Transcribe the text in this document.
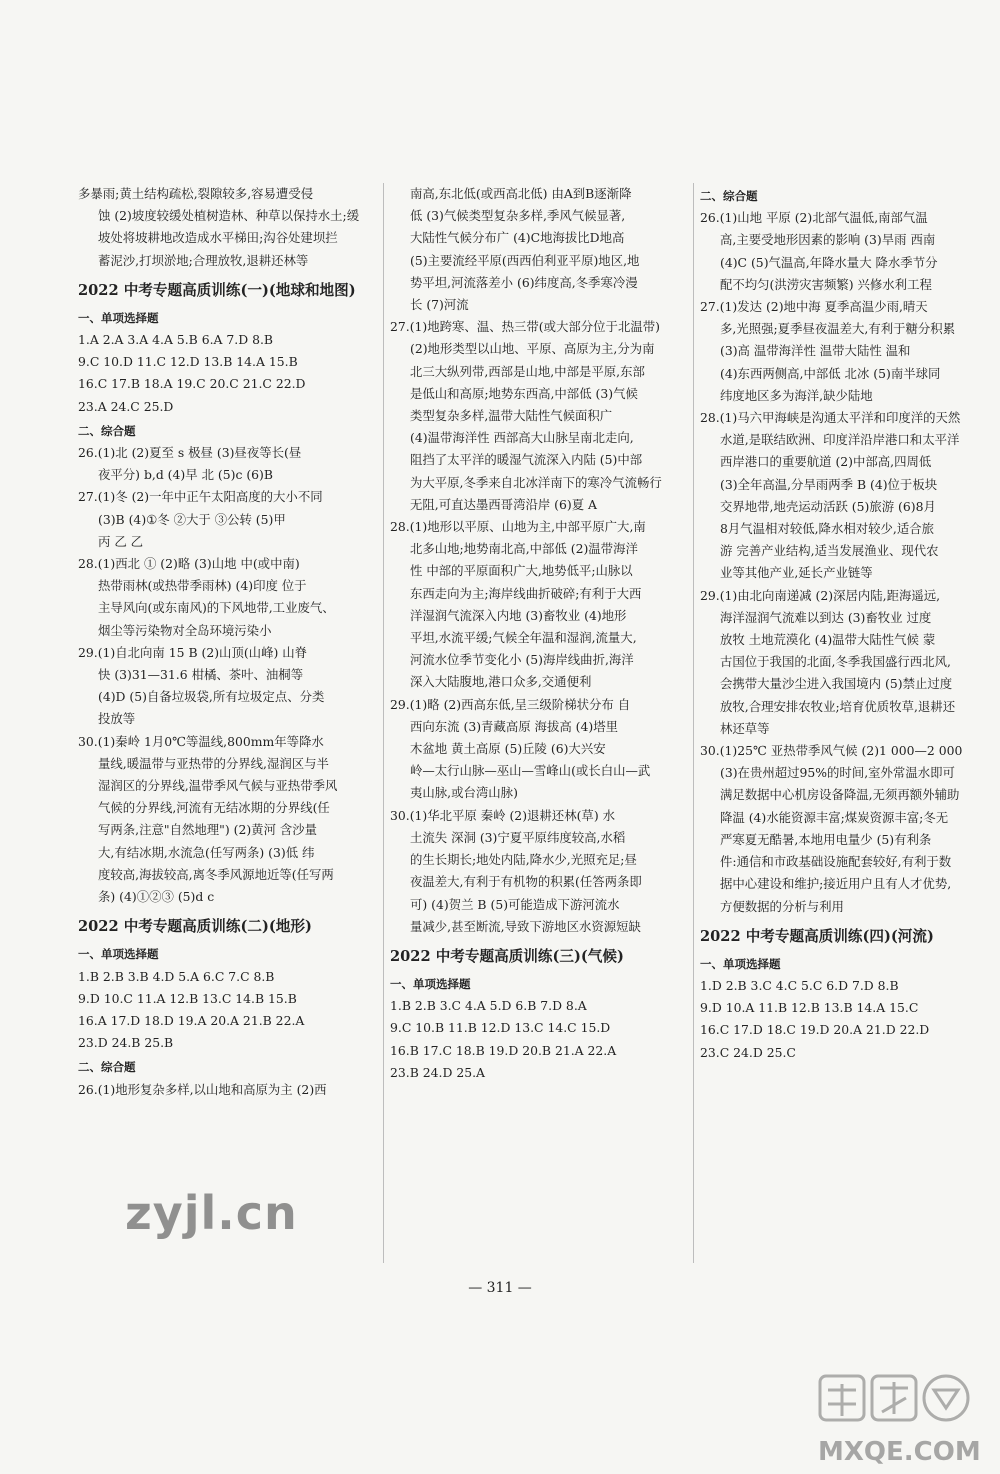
多暴雨;黄土结构疏松,裂隙较多,容易遭受侵
蚀 (2)坡度较缓处植树造林、种草以保持水土;缓
坡处将坡耕地改造成水平梯田;沟谷处建坝拦
蓄泥沙,打坝淤地;合理放牧,退耕还林等
2022 中考专题高质训练(一)(地球和地图)
一、单项选择题
1.A 2.A 3.A 4.A 5.B 6.A 7.D 8.B
9.C 10.D 11.C 12.D 13.B 14.A 15.B
16.C 17.B 18.A 19.C 20.C 21.C 22.D
23.A 24.C 25.D
二、综合题
26.(1)北 (2)夏至 s 极昼 (3)昼夜等长(昼
夜平分) b,d (4)早 北 (5)c (6)B
27.(1)冬 (2)一年中正午太阳高度的大小不同
(3)B (4)①冬 ②大于 ③公转 (5)甲
丙 乙 乙
28.(1)西北 ① (2)略 (3)山地 中(或中南)
热带雨林(或热带季雨林) (4)印度 位于
主导风向(或东南风)的下风地带,工业废气、
烟尘等污染物对全岛环境污染小
29.(1)自北向南 15 B (2)山顶(山峰) 山脊
快 (3)31—31.6 柑橘、茶叶、油桐等
(4)D (5)自备垃圾袋,所有垃圾定点、分类
投放等
30.(1)秦岭 1月0℃等温线,800mm年等降水
量线,暖温带与亚热带的分界线,湿润区与半
湿润区的分界线,温带季风气候与亚热带季风
气候的分界线,河流有无结冰期的分界线(任
写两条,注意"自然地理") (2)黄河 含沙量
大,有结冰期,水流急(任写两条) (3)低 纬
度较高,海拔较高,离冬季风源地近等(任写两
条) (4)①②③ (5)d c
2022 中考专题高质训练(二)(地形)
一、单项选择题
1.B 2.B 3.B 4.D 5.A 6.C 7.C 8.B
9.D 10.C 11.A 12.B 13.C 14.B 15.B
16.A 17.D 18.D 19.A 20.A 21.B 22.A
23.D 24.B 25.B
二、综合题
26.(1)地形复杂多样,以山地和高原为主 (2)西
南高,东北低(或西高北低) 由A到B逐渐降
低 (3)气候类型复杂多样,季风气候显著,
大陆性气候分布广 (4)C地海拔比D地高
(5)主要流经平原(西西伯利亚平原)地区,地
势平坦,河流落差小 (6)纬度高,冬季寒冷漫
长 (7)河流
27.(1)地跨寒、温、热三带(或大部分位于北温带)
(2)地形类型以山地、平原、高原为主,分为南
北三大纵列带,西部是山地,中部是平原,东部
是低山和高原;地势东西高,中部低 (3)气候
类型复杂多样,温带大陆性气候面积广
(4)温带海洋性 西部高大山脉呈南北走向,
阻挡了太平洋的暖湿气流深入内陆 (5)中部
为大平原,冬季来自北冰洋南下的寒冷气流畅行
无阻,可直达墨西哥湾沿岸 (6)夏 A
28.(1)地形以平原、山地为主,中部平原广大,南
北多山地;地势南北高,中部低 (2)温带海洋
性 中部的平原面积广大,地势低平;山脉以
东西走向为主;海岸线曲折破碎;有利于大西
洋湿润气流深入内地 (3)畜牧业 (4)地形
平坦,水流平缓;气候全年温和湿润,流量大,
河流水位季节变化小 (5)海岸线曲折,海洋
深入大陆腹地,港口众多,交通便利
29.(1)略 (2)西高东低,呈三级阶梯状分布 自
西向东流 (3)青藏高原 海拔高 (4)塔里
木盆地 黄土高原 (5)丘陵 (6)大兴安
岭—太行山脉—巫山—雪峰山(或长白山—武
夷山脉,或台湾山脉)
30.(1)华北平原 秦岭 (2)退耕还林(草) 水
土流失 深洞 (3)宁夏平原纬度较高,水稻
的生长期长;地处内陆,降水少,光照充足;昼
夜温差大,有利于有机物的积累(任答两条即
可) (4)贺兰 B (5)可能造成下游河流水
量减少,甚至断流,导致下游地区水资源短缺
2022 中考专题高质训练(三)(气候)
一、单项选择题
1.B 2.B 3.C 4.A 5.D 6.B 7.D 8.A
9.C 10.B 11.B 12.D 13.C 14.C 15.D
16.B 17.C 18.B 19.D 20.B 21.A 22.A
23.B 24.D 25.A
二、综合题
26.(1)山地 平原 (2)北部气温低,南部气温
高,主要受地形因素的影响 (3)旱雨 西南
(4)C (5)气温高,年降水量大 降水季节分
配不均匀(洪涝灾害频繁) 兴修水利工程
27.(1)发达 (2)地中海 夏季高温少雨,晴天
多,光照强;夏季昼夜温差大,有利于糖分积累
(3)高 温带海洋性 温带大陆性 温和
(4)东西两侧高,中部低 北冰 (5)南半球同
纬度地区多为海洋,缺少陆地
28.(1)马六甲海峡是沟通太平洋和印度洋的天然
水道,是联结欧洲、印度洋沿岸港口和太平洋
西岸港口的重要航道 (2)中部高,四周低
(3)全年高温,分旱雨两季 B (4)位于板块
交界地带,地壳运动活跃 (5)旅游 (6)8月
8月气温相对较低,降水相对较少,适合旅
游 完善产业结构,适当发展渔业、现代农
业等其他产业,延长产业链等
29.(1)由北向南递减 (2)深居内陆,距海遥远,
海洋湿润气流难以到达 (3)畜牧业 过度
放牧 土地荒漠化 (4)温带大陆性气候 蒙
古国位于我国的北面,冬季我国盛行西北风,
会携带大量沙尘进入我国境内 (5)禁止过度
放牧,合理安排农牧业;培育优质牧草,退耕还
林还草等
30.(1)25℃ 亚热带季风气候 (2)1 000—2 000
(3)在贵州超过95%的时间,室外常温水即可
满足数据中心机房设备降温,无须再额外辅助
降温 (4)水能资源丰富;煤炭资源丰富;冬无
严寒夏无酷暑,本地用电量少 (5)有利条
件:通信和市政基础设施配套较好,有利于数
据中心建设和维护;接近用户且有人才优势,
方便数据的分析与利用
2022 中考专题高质训练(四)(河流)
一、单项选择题
1.D 2.B 3.C 4.C 5.C 6.D 7.D 8.B
9.D 10.A 11.B 12.B 13.B 14.A 15.C
16.C 17.D 18.C 19.D 20.A 21.D 22.D
23.C 24.D 25.C
— 311 —
zyjl.cn
MXQE.COM
